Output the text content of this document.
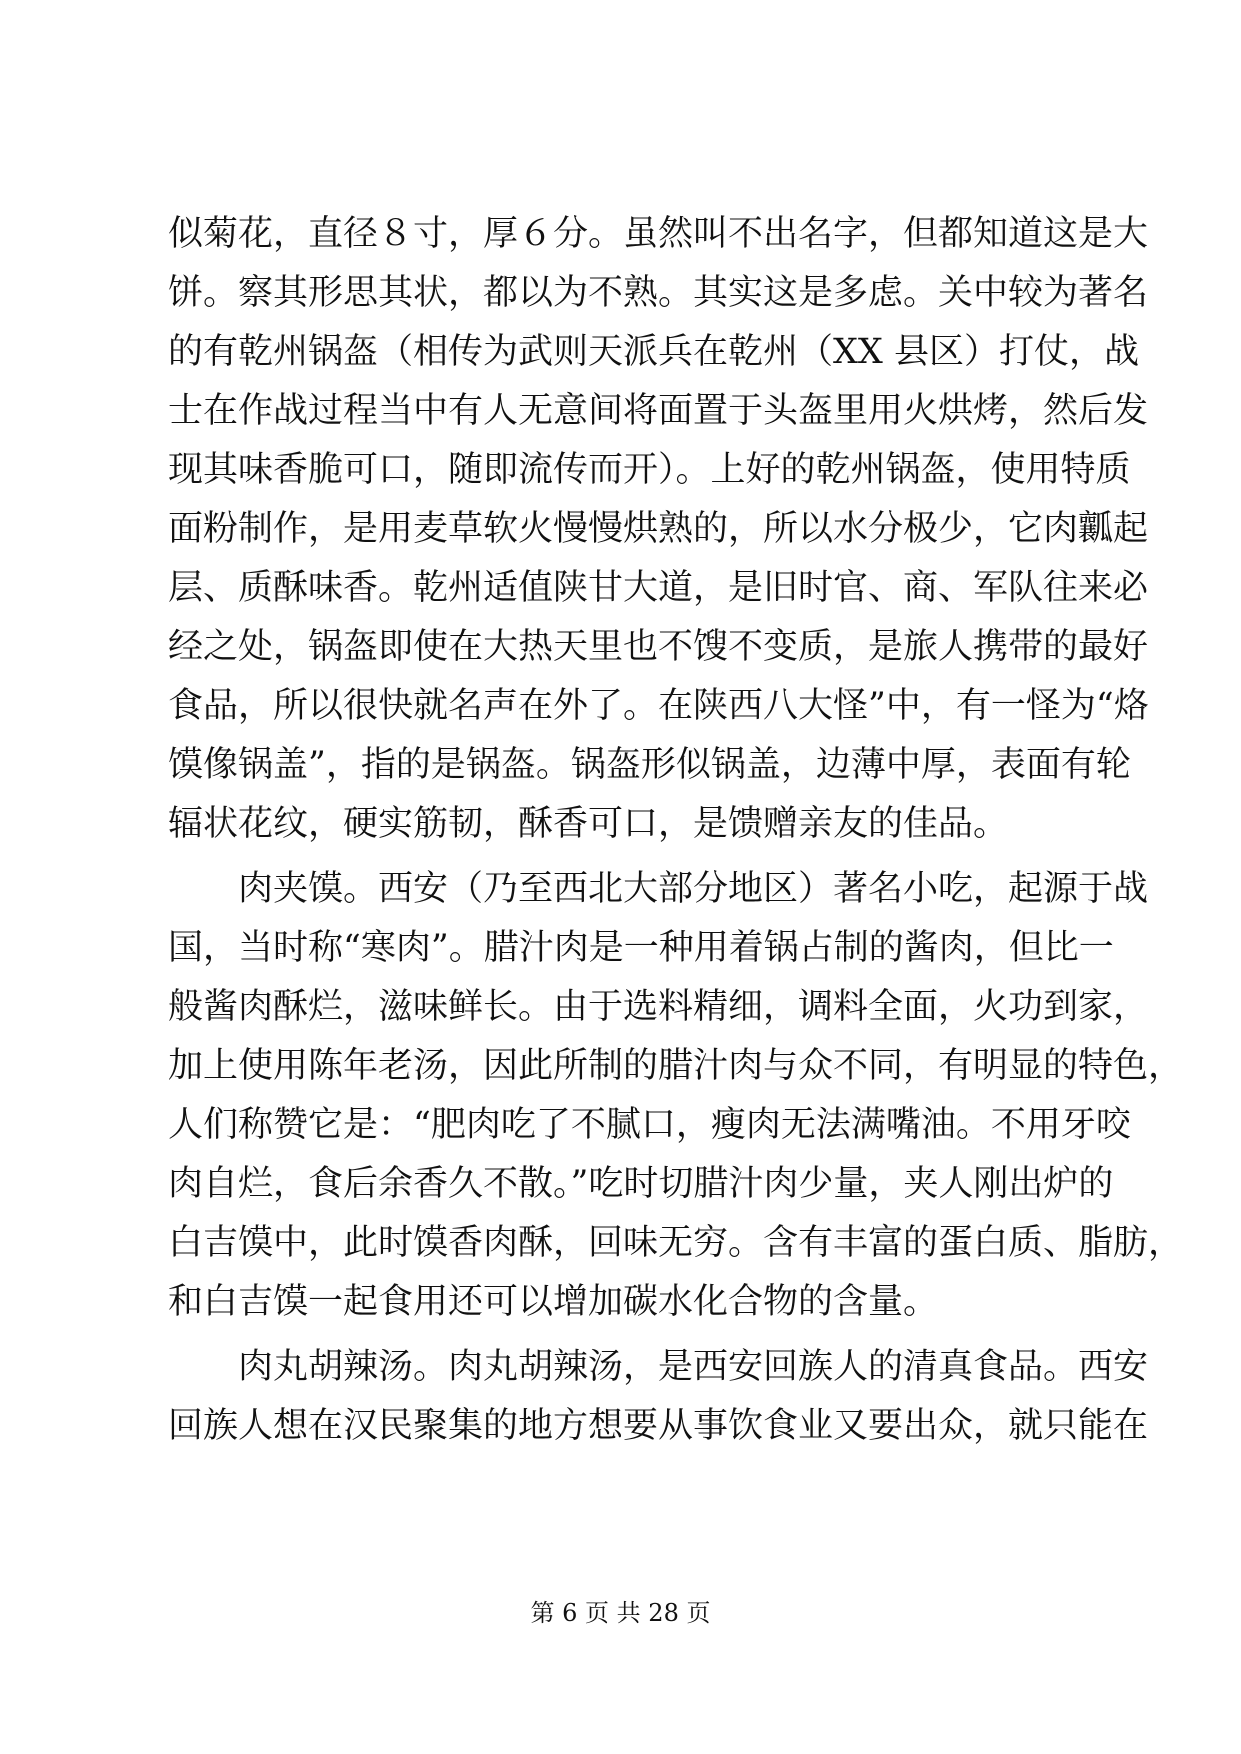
似菊花，直径８寸，厚６分。虽然叫不出名字，但都知道这是大
饼。察其形思其状，都以为不熟。其实这是多虑。关中较为著名
的有乾州锅盔（相传为武则天派兵在乾州（XX 县区）打仗，战
士在作战过程当中有人无意间将面置于头盔里用火烘烤，然后发
现其味香脆可口，随即流传而开）。上好的乾州锅盔，使用特质
面粉制作，是用麦草软火慢慢烘熟的，所以水分极少，它肉瓤起
层、质酥味香。乾州适值陕甘大道，是旧时官、商、军队往来必
经之处，锅盔即使在大热天里也不馊不变质，是旅人携带的最好
食品，所以很快就名声在外了。在陕西八大怪”中，有一怪为“烙
馍像锅盖”，指的是锅盔。锅盔形似锅盖，边薄中厚，表面有轮
辐状花纹，硬实筋韧，酥香可口，是馈赠亲友的佳品。
肉夹馍。西安（乃至西北大部分地区）著名小吃，起源于战
国，当时称“寒肉”。腊汁肉是一种用着锅占制的酱肉，但比一
般酱肉酥烂，滋味鲜长。由于选料精细，调料全面，火功到家，
加上使用陈年老汤，因此所制的腊汁肉与众不同，有明显的特色，
人们称赞它是：“肥肉吃了不腻口，瘦肉无法满嘴油。不用牙咬
肉自烂，食后余香久不散。”吃时切腊汁肉少量，夹人刚出炉的
白吉馍中，此时馍香肉酥，回味无穷。含有丰富的蛋白质、脂肪，
和白吉馍一起食用还可以增加碳水化合物的含量。
肉丸胡辣汤。肉丸胡辣汤，是西安回族人的清真食品。西安
回族人想在汉民聚集的地方想要从事饮食业又要出众，就只能在
第 6 页 共 28 页
